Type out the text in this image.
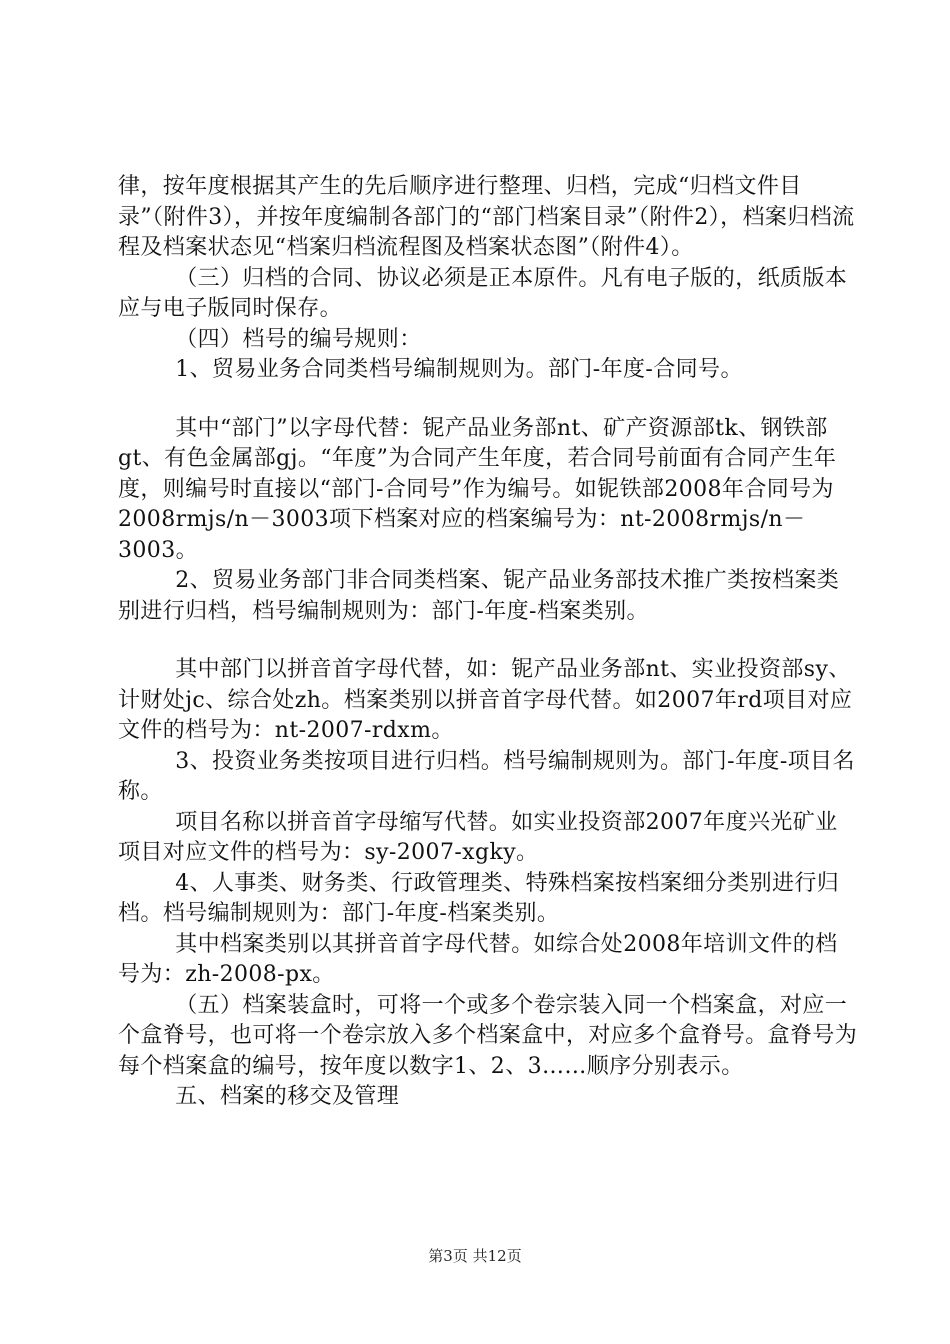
律，按年度根据其产生的先后顺序进行整理、归档，完成“归档文件目录”（附件3），并按年度编制各部门的“部门档案目录”（附件2），档案归档流程及档案状态见“档案归档流程图及档案状态图”（附件4）。

（三）归档的合同、协议必须是正本原件。凡有电子版的，纸质版本应与电子版同时保存。

（四）档号的编号规则：

1、贸易业务合同类档号编制规则为。部门-年度-合同号。

其中“部门”以字母代替：铌产品业务部nt、矿产资源部tk、钢铁部gt、有色金属部gj。“年度”为合同产生年度，若合同号前面有合同产生年度，则编号时直接以“部门-合同号”作为编号。如铌铁部2008年合同号为2008rmjs/n－3003项下档案对应的档案编号为：nt-2008rmjs/n－3003。

2、贸易业务部门非合同类档案、铌产品业务部技术推广类按档案类别进行归档，档号编制规则为：部门-年度-档案类别。

其中部门以拼音首字母代替，如：铌产品业务部nt、实业投资部sy、计财处jc、综合处zh。档案类别以拼音首字母代替。如2007年rd项目对应文件的档号为：nt-2007-rdxm。

3、投资业务类按项目进行归档。档号编制规则为。部门-年度-项目名称。

项目名称以拼音首字母缩写代替。如实业投资部2007年度兴光矿业项目对应文件的档号为：sy-2007-xgky。

4、人事类、财务类、行政管理类、特殊档案按档案细分类别进行归档。档号编制规则为：部门-年度-档案类别。

其中档案类别以其拼音首字母代替。如综合处2008年培训文件的档号为：zh-2008-px。

（五）档案装盒时，可将一个或多个卷宗装入同一个档案盒，对应一个盒脊号，也可将一个卷宗放入多个档案盒中，对应多个盒脊号。盒脊号为每个档案盒的编号，按年度以数字1、2、3……顺序分别表示。

五、档案的移交及管理

第3页 共12页
